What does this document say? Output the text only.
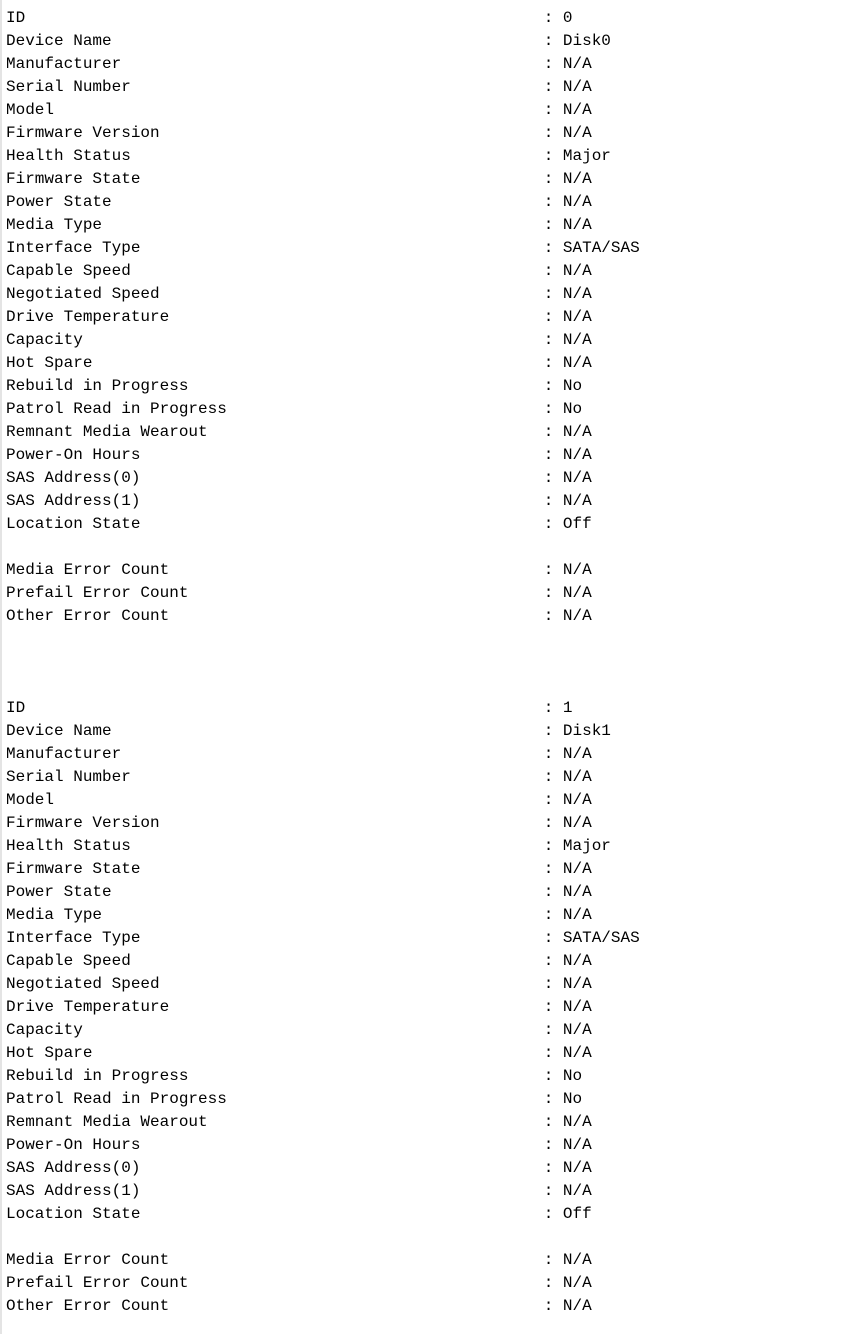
ID	: 0
Device Name	: Disk0
Manufacturer	: N/A
Serial Number	: N/A
Model	: N/A
Firmware Version	: N/A
Health Status	: Major
Firmware State	: N/A
Power State	: N/A
Media Type	: N/A
Interface Type	: SATA/SAS
Capable Speed	: N/A
Negotiated Speed	: N/A
Drive Temperature	: N/A
Capacity	: N/A
Hot Spare	: N/A
Rebuild in Progress	: No
Patrol Read in Progress	: No
Remnant Media Wearout	: N/A
Power-On Hours	: N/A
SAS Address(0)	: N/A
SAS Address(1)	: N/A
Location State	: Off
Media Error Count	: N/A
Prefail Error Count	: N/A
Other Error Count	: N/A
ID	: 1
Device Name	: Disk1
Manufacturer	: N/A
Serial Number	: N/A
Model	: N/A
Firmware Version	: N/A
Health Status	: Major
Firmware State	: N/A
Power State	: N/A
Media Type	: N/A
Interface Type	: SATA/SAS
Capable Speed	: N/A
Negotiated Speed	: N/A
Drive Temperature	: N/A
Capacity	: N/A
Hot Spare	: N/A
Rebuild in Progress	: No
Patrol Read in Progress	: No
Remnant Media Wearout	: N/A
Power-On Hours	: N/A
SAS Address(0)	: N/A
SAS Address(1)	: N/A
Location State	: Off
Media Error Count	: N/A
Prefail Error Count	: N/A
Other Error Count	: N/A
